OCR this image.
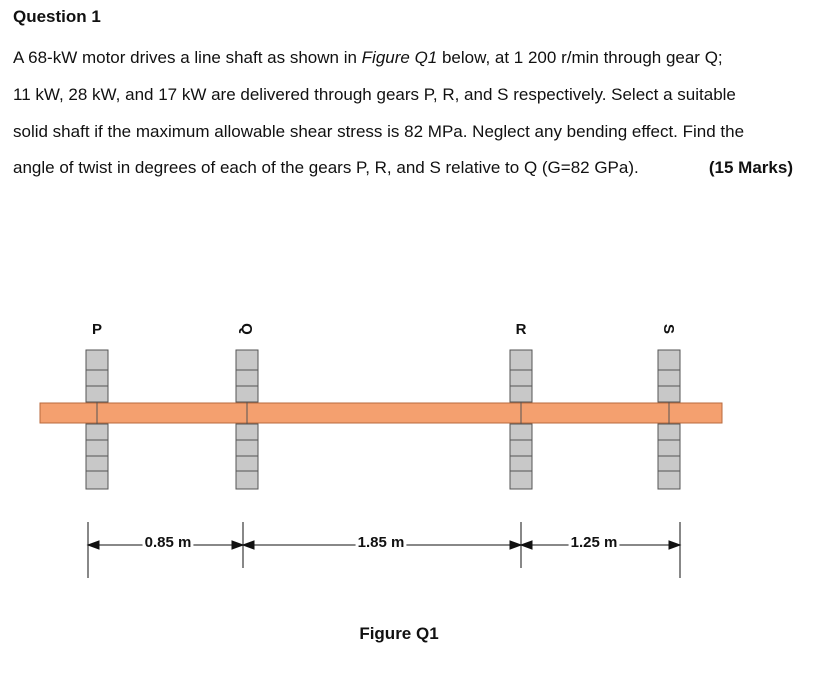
Question 1
A 68-kW motor drives a line shaft as shown in Figure Q1 below, at 1 200 r/min through gear Q;
11 kW, 28 kW, and 17 kW are delivered through gears P, R, and S respectively. Select a suitable
solid shaft if the maximum allowable shear stress is 82 MPa. Neglect any bending effect. Find the
angle of twist in degrees of each of the gears P, R, and S relative to Q (G=82 GPa).	(15 Marks)
P	Q	R	S
0.85 m	1.85 m	1.25 m
Figure Q1
